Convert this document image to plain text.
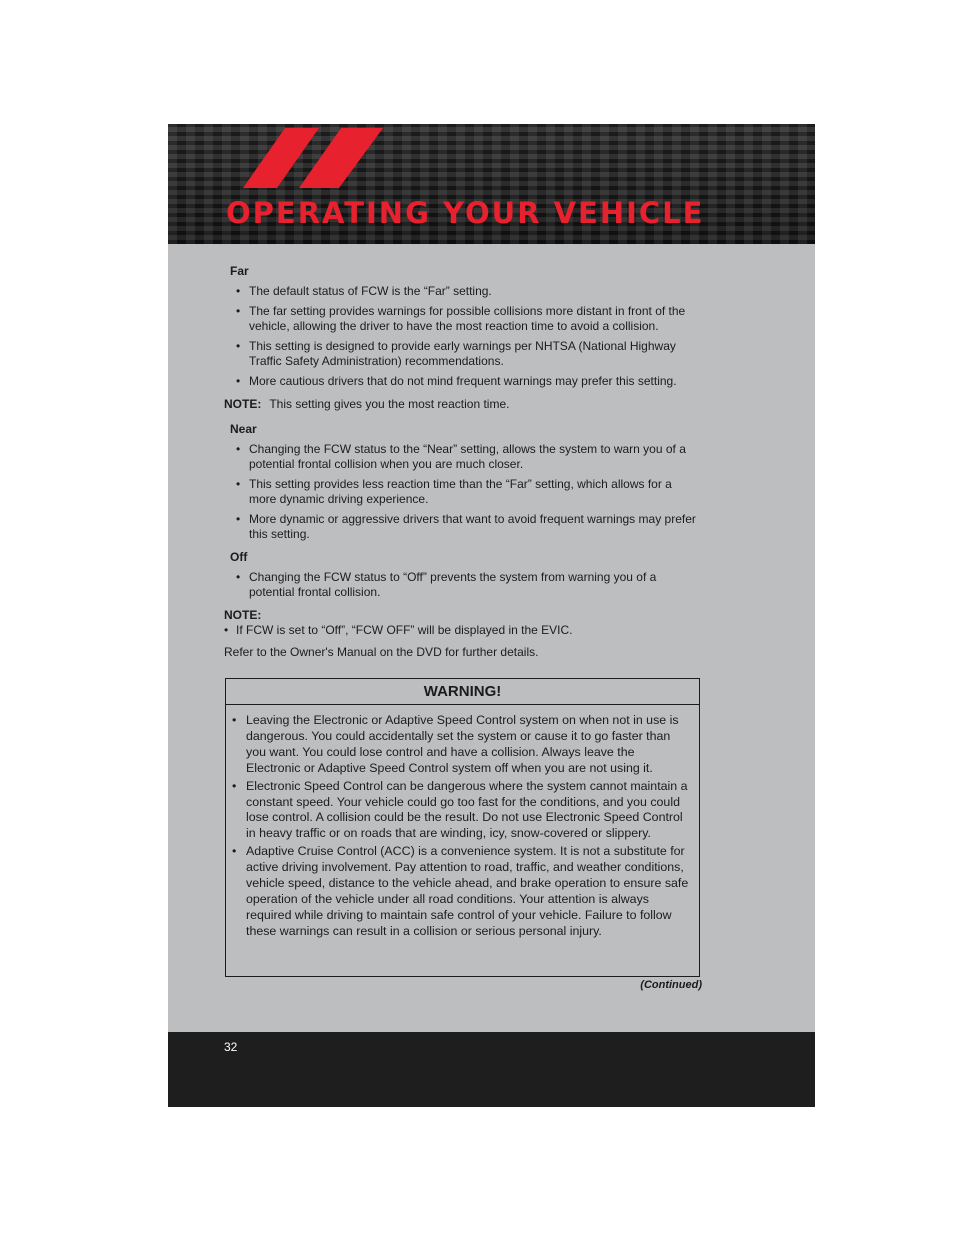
OPERATING YOUR VEHICLE
Far
• The default status of FCW is the “Far” setting.
• The far setting provides warnings for possible collisions more distant in front of the vehicle, allowing the driver to have the most reaction time to avoid a collision.
• This setting is designed to provide early warnings per NHTSA (National Highway Traffic Safety Administration) recommendations.
• More cautious drivers that do not mind frequent warnings may prefer this setting.
NOTE: This setting gives you the most reaction time.
Near
• Changing the FCW status to the “Near” setting, allows the system to warn you of a potential frontal collision when you are much closer.
• This setting provides less reaction time than the “Far” setting, which allows for a more dynamic driving experience.
• More dynamic or aggressive drivers that want to avoid frequent warnings may prefer this setting.
Off
• Changing the FCW status to “Off” prevents the system from warning you of a potential frontal collision.
NOTE:
• If FCW is set to “Off”, “FCW OFF” will be displayed in the EVIC.
Refer to the Owner's Manual on the DVD for further details.
WARNING!
• Leaving the Electronic or Adaptive Speed Control system on when not in use is dangerous. You could accidentally set the system or cause it to go faster than you want. You could lose control and have a collision. Always leave the Electronic or Adaptive Speed Control system off when you are not using it.
• Electronic Speed Control can be dangerous where the system cannot maintain a constant speed. Your vehicle could go too fast for the conditions, and you could lose control. A collision could be the result. Do not use Electronic Speed Control in heavy traffic or on roads that are winding, icy, snow-covered or slippery.
• Adaptive Cruise Control (ACC) is a convenience system. It is not a substitute for active driving involvement. Pay attention to road, traffic, and weather conditions, vehicle speed, distance to the vehicle ahead, and brake operation to ensure safe operation of the vehicle under all road conditions. Your attention is always required while driving to maintain safe control of your vehicle. Failure to follow these warnings can result in a collision or serious personal injury.
(Continued)
32
